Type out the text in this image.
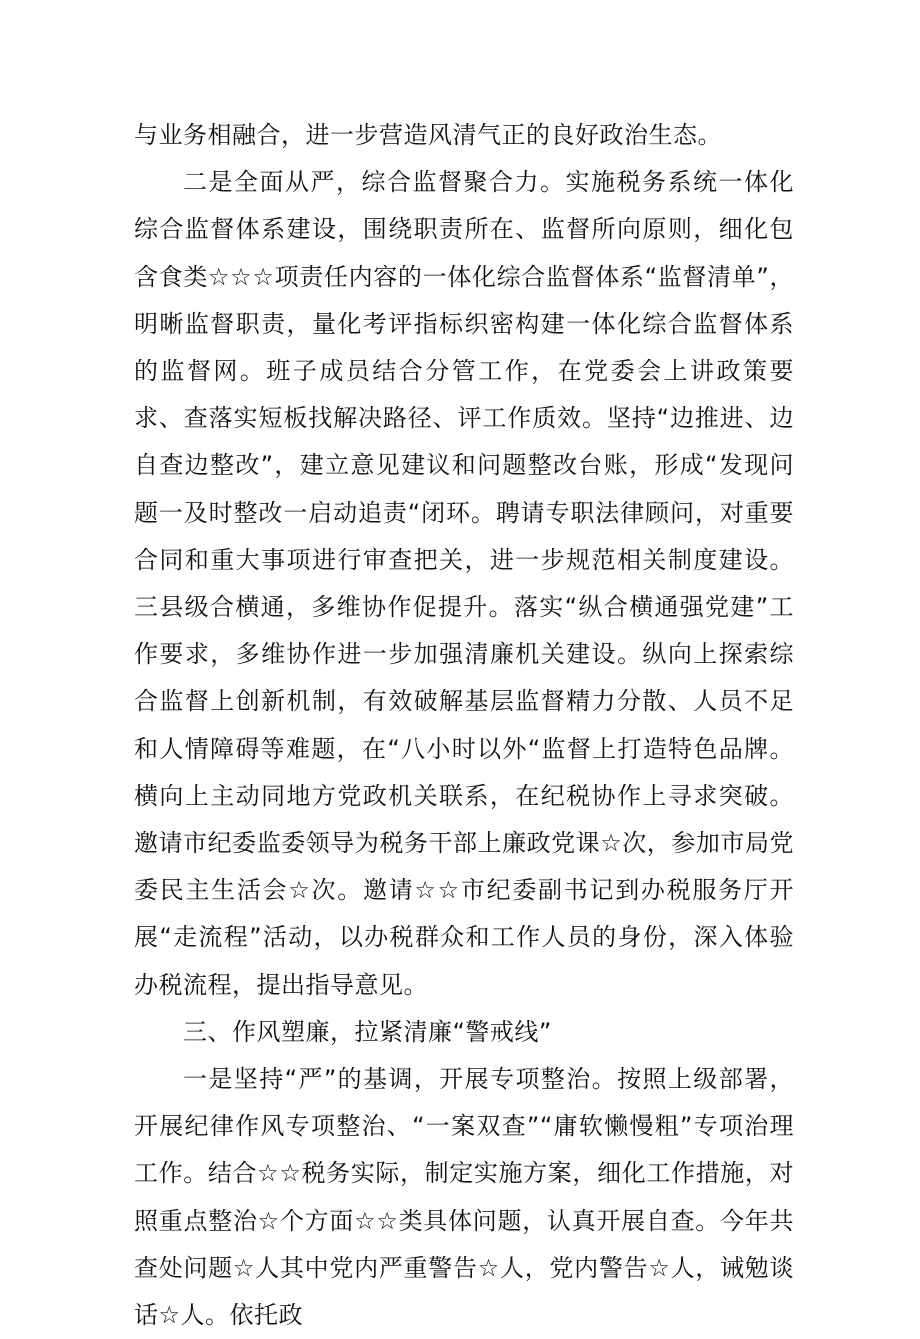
与业务相融合，进一步营造风清气正的良好政治生态。

二是全面从严，综合监督聚合力。实施税务系统一体化综合监督体系建设，围绕职责所在、监督所向原则，细化包含食类☆☆☆项责任内容的一体化综合监督体系“监督清单”，明晰监督职责，量化考评指标织密构建一体化综合监督体系的监督网。班子成员结合分管工作，在党委会上讲政策要求、查落实短板找解决路径、评工作质效。坚持“边推进、边自查边整改”，建立意见建议和问题整改台账，形成“发现问题一及时整改一启动追责“闭环。聘请专职法律顾问，对重要合同和重大事项进行审查把关，进一步规范相关制度建设。三县级合横通，多维协作促提升。落实“纵合横通强党建”工作要求，多维协作进一步加强清廉机关建设。纵向上探索综合监督上创新机制，有效破解基层监督精力分散、人员不足和人情障碍等难题，在“八小时以外“监督上打造特色品牌。横向上主动同地方党政机关联系，在纪税协作上寻求突破。邀请市纪委监委领导为税务干部上廉政党课☆次，参加市局党委民主生活会☆次。邀请☆☆市纪委副书记到办税服务厅开展“走流程”活动，以办税群众和工作人员的身份，深入体验办税流程，提出指导意见。

三、作风塑廉，拉紧清廉“警戒线”

一是坚持“严”的基调，开展专项整治。按照上级部署，开展纪律作风专项整治、“一案双查”“庸软懒慢粗”专项治理工作。结合☆☆税务实际，制定实施方案，细化工作措施，对照重点整治☆个方面☆☆类具体问题，认真开展自查。今年共查处问题☆人其中党内严重警告☆人，党内警告☆人，诫勉谈话☆人。依托政
